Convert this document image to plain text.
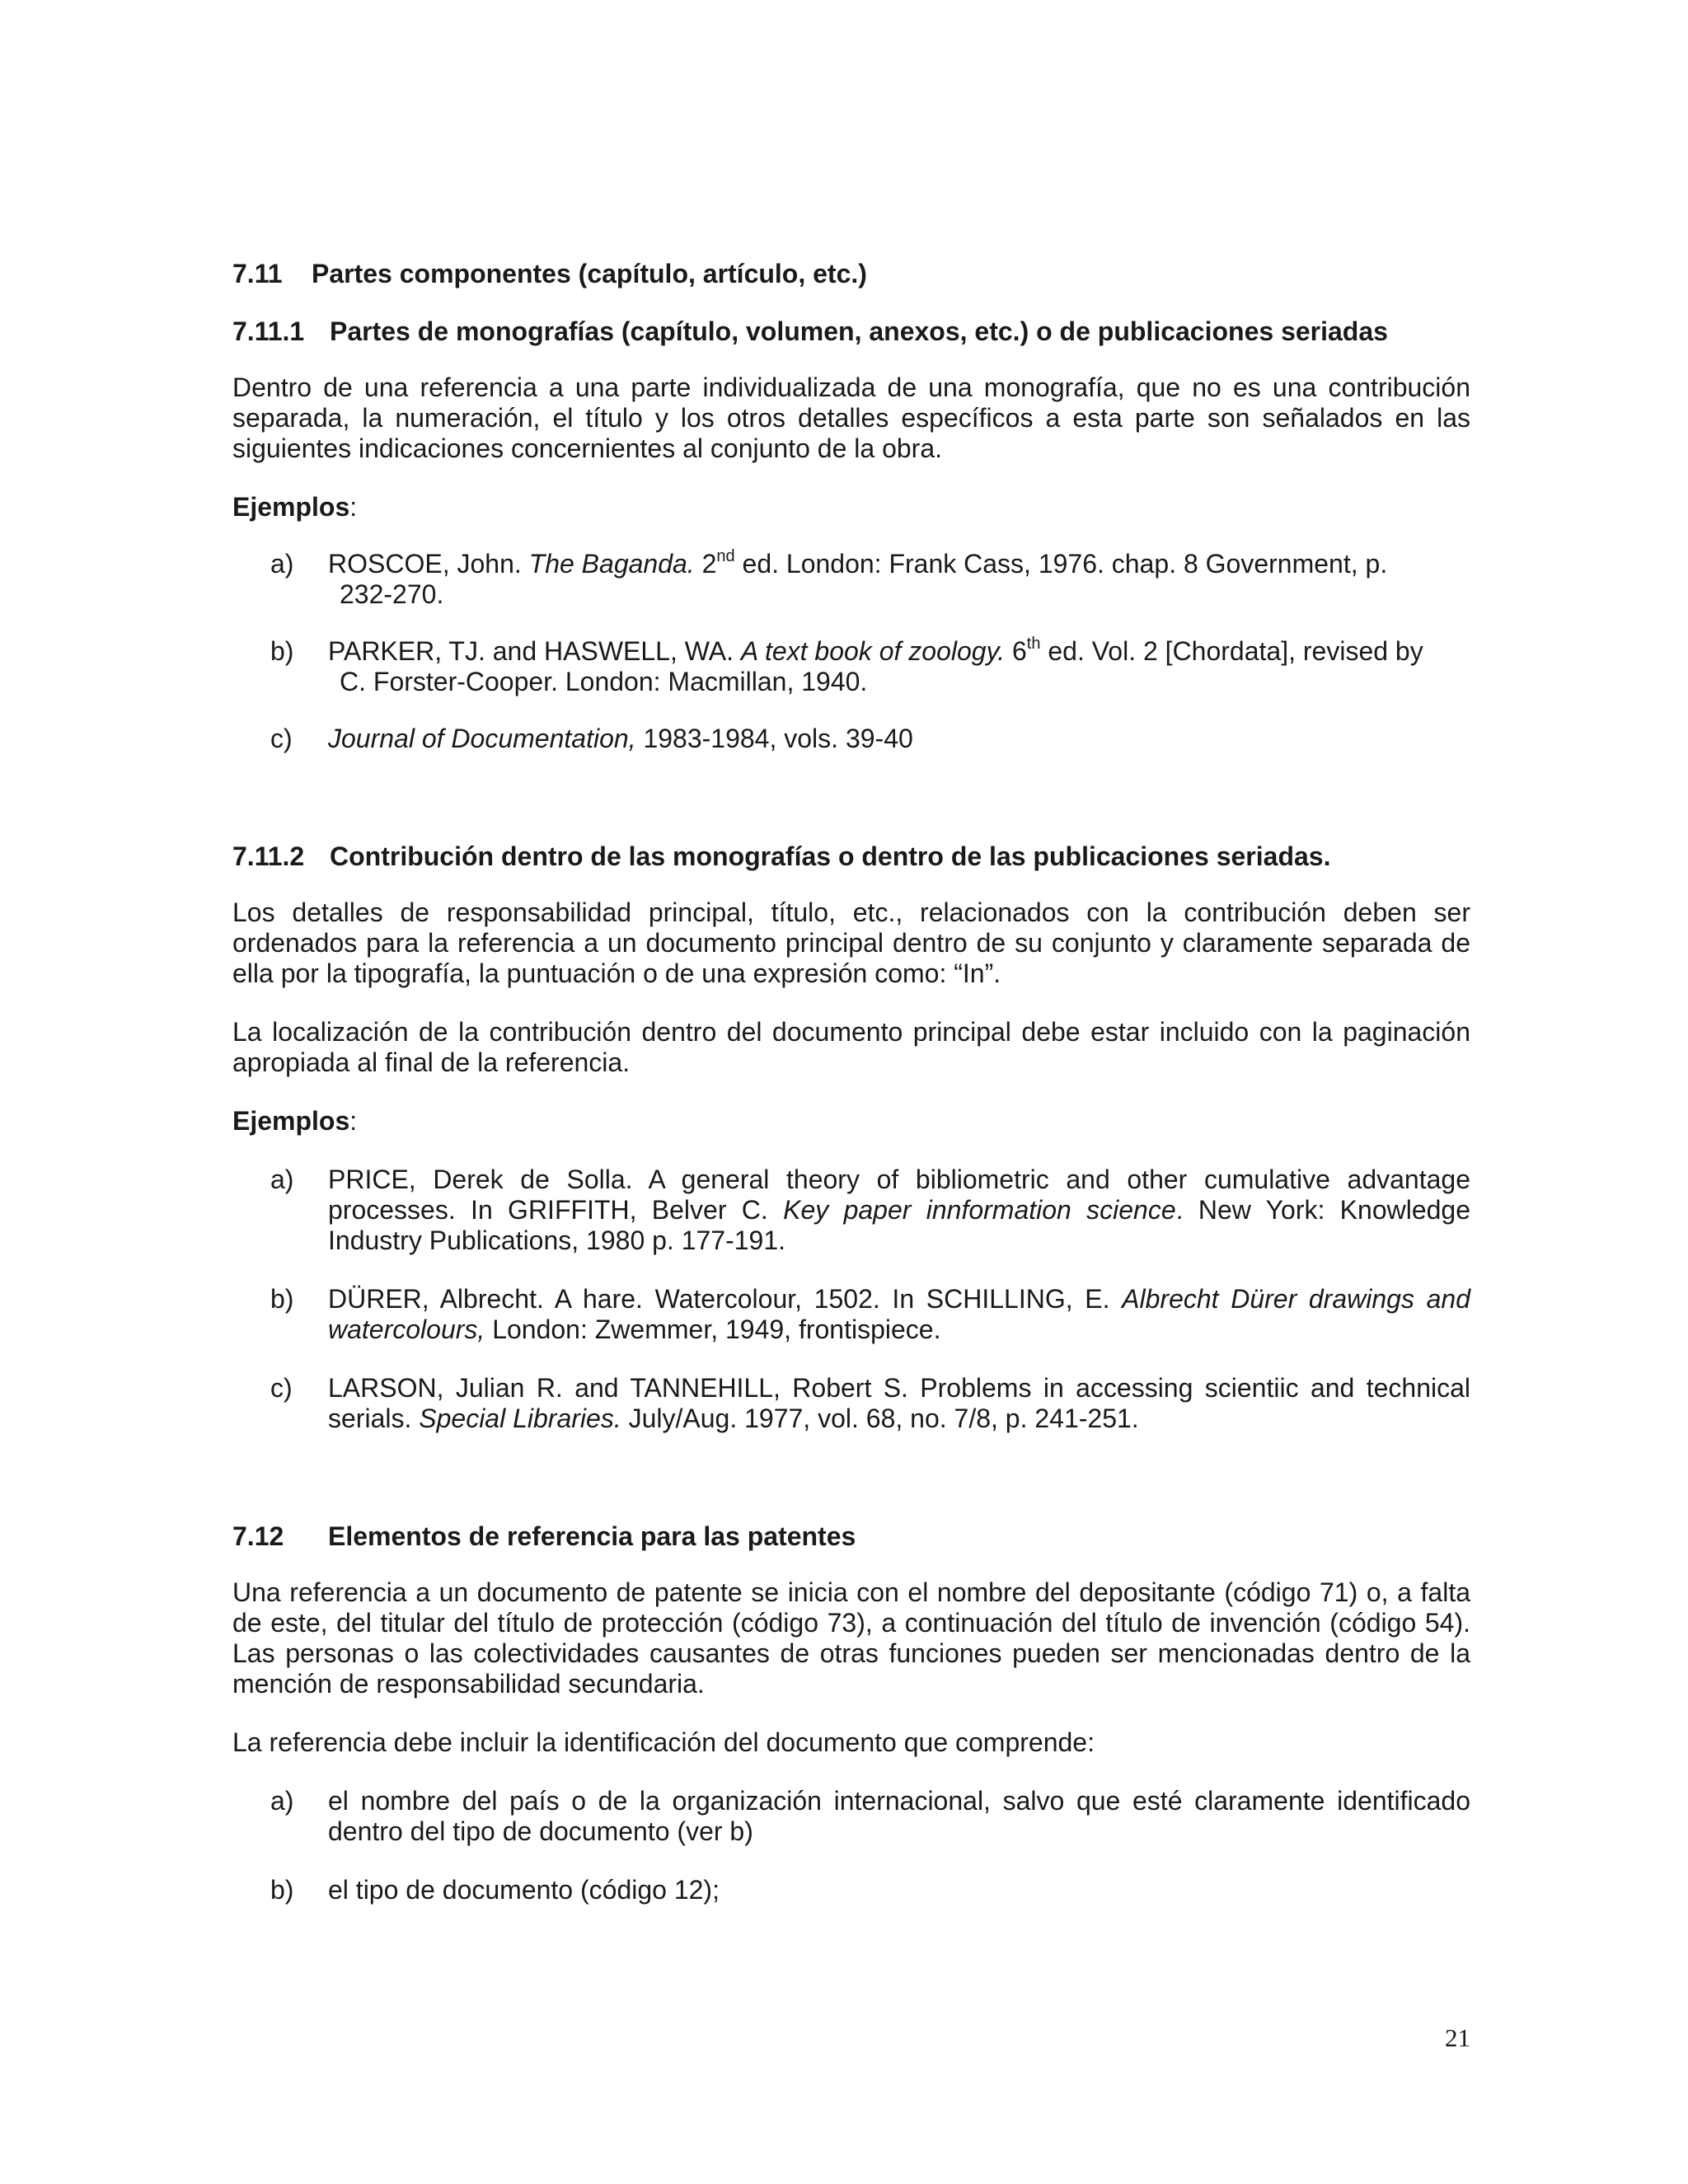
7.11 Partes componentes (capítulo, artículo, etc.)
7.11.1 Partes de monografías (capítulo, volumen, anexos, etc.) o de publicaciones seriadas

Dentro de una referencia a una parte individualizada de una monografía, que no es una contribución separada, la numeración, el título y los otros detalles específicos a esta parte son señalados en las siguientes indicaciones concernientes al conjunto de la obra.

Ejemplos:

a) ROSCOE, John. The Baganda. 2nd ed. London: Frank Cass, 1976. chap. 8 Government, p.
232-270.
b) PARKER, TJ. and HASWELL, WA. A text book of zoology. 6th ed. Vol. 2 [Chordata], revised by
C. Forster-Cooper. London: Macmillan, 1940.
c) Journal of Documentation, 1983-1984, vols. 39-40
7.11.2 Contribución dentro de las monografías o dentro de las publicaciones seriadas.

Los detalles de responsabilidad principal, título, etc., relacionados con la contribución deben ser ordenados para la referencia a un documento principal dentro de su conjunto y claramente separada de ella por la tipografía, la puntuación o de una expresión como: “In”.

La localización de la contribución dentro del documento principal debe estar incluido con la paginación apropiada al final de la referencia.

Ejemplos:

a) PRICE, Derek de Solla. A general theory of bibliometric and other cumulative advantage processes. In GRIFFITH, Belver C. Key paper innformation science. New York: Knowledge Industry Publications, 1980 p. 177-191.
b) DÜRER, Albrecht. A hare. Watercolour, 1502. In SCHILLING, E. Albrecht Dürer drawings and watercolours, London: Zwemmer, 1949, frontispiece.
c) LARSON, Julian R. and TANNEHILL, Robert S. Problems in accessing scientiic and technical serials. Special Libraries. July/Aug. 1977, vol. 68, no. 7/8, p. 241-251.
7.12 Elementos de referencia para las patentes

Una referencia a un documento de patente se inicia con el nombre del depositante (código 71) o, a falta de este, del titular del título de protección (código 73), a continuación del título de invención (código 54). Las personas o las colectividades causantes de otras funciones pueden ser mencionadas dentro de la mención de responsabilidad secundaria.

La referencia debe incluir la identificación del documento que comprende:

a) el nombre del país o de la organización internacional, salvo que esté claramente identificado dentro del tipo de documento (ver b)
b) el tipo de documento (código 12);
21
